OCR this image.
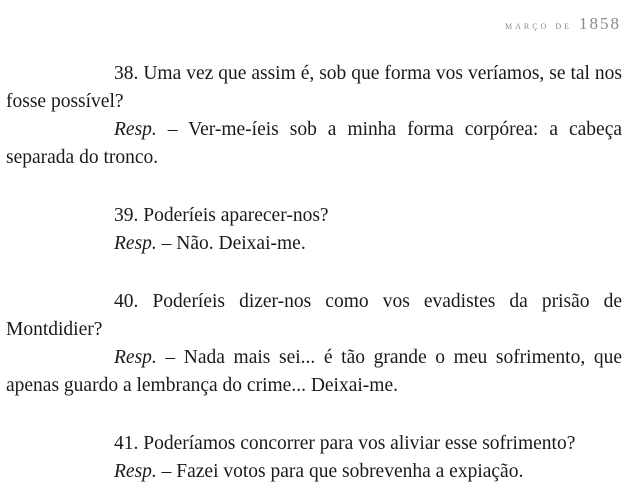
março de 1858

38. Uma vez que assim é, sob que forma vos veríamos, se tal nos fosse possível?

Resp. – Ver-me-íeis sob a minha forma corpórea: a cabeça separada do tronco.

39. Poderíeis aparecer-nos?

Resp. – Não. Deixai-me.

40. Poderíeis dizer-nos como vos evadistes da prisão de Montdidier?

Resp. – Nada mais sei... é tão grande o meu sofrimento, que apenas guardo a lembrança do crime... Deixai-me.

41. Poderíamos concorrer para vos aliviar esse sofrimento?

Resp. – Fazei votos para que sobrevenha a expiação.
